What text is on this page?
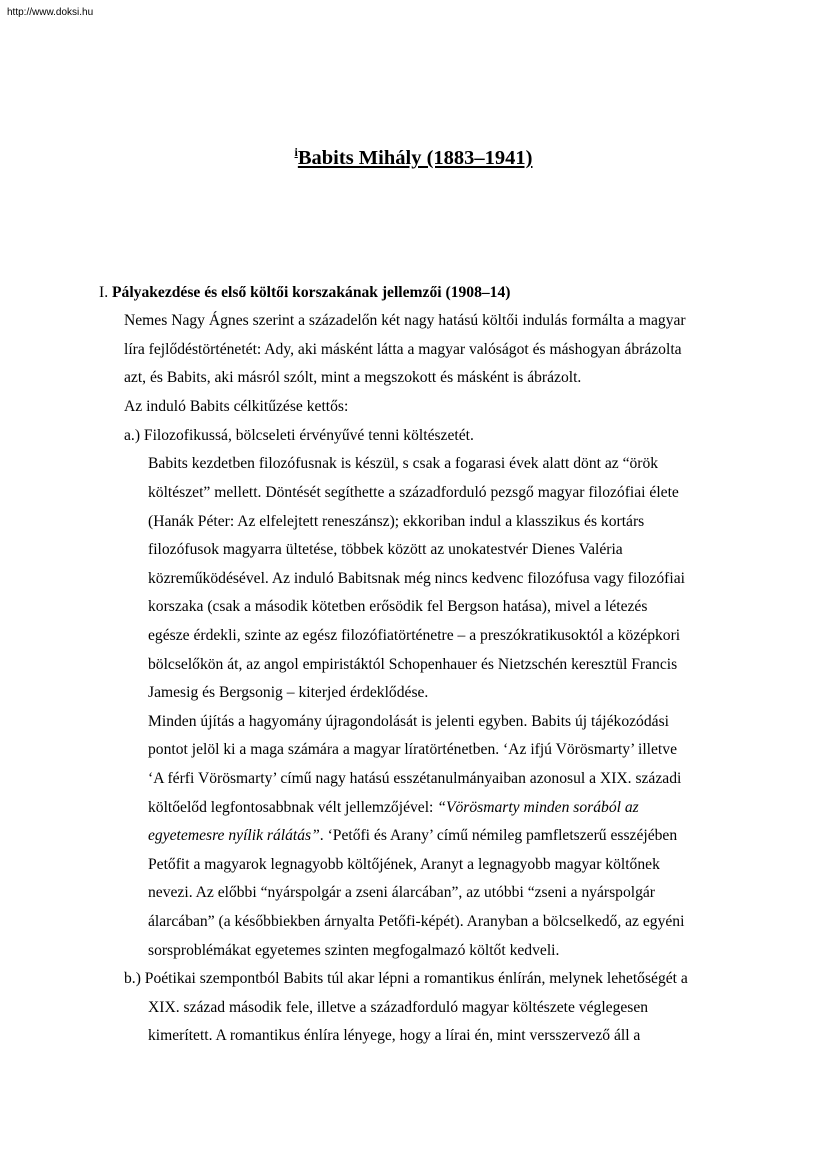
http://www.doksi.hu
$^i$Babits Mihály (1883–1941)
I. Pályakezdése és első költői korszakának jellemzői (1908–14)
Nemes Nagy Ágnes szerint a századelőn két nagy hatású költői indulás formálta a magyar
líra fejlődéstörténetét: Ady, aki másként látta a magyar valóságot és máshogyan ábrázolta
azt, és Babits, aki másról szólt, mint a megszokott és másként is ábrázolt.
Az induló Babits célkitűzése kettős:
a.) Filozofikussá, bölcseleti érvényűvé tenni költészetét.
Babits kezdetben filozófusnak is készül, s csak a fogarasi évek alatt dönt az “örök
költészet” mellett. Döntését segíthette a századforduló pezsgő magyar filozófiai élete
(Hanák Péter: Az elfelejtett reneszánsz); ekkoriban indul a klasszikus és kortárs
filozófusok magyarra ültetése, többek között az unokatestvér Dienes Valéria
közreműködésével. Az induló Babitsnak még nincs kedvenc filozófusa vagy filozófiai
korszaka (csak a második kötetben erősödik fel Bergson hatása), mivel a létezés
egésze érdekli, szinte az egész filozófiatörténetre – a preszókratikusoktól a középkori
bölcselőkön át, az angol empiristáktól Schopenhauer és Nietzschén keresztül Francis
Jamesig és Bergsonig – kiterjed érdeklődése.
Minden újítás a hagyomány újragondolását is jelenti egyben. Babits új tájékozódási
pontot jelöl ki a maga számára a magyar líratörténetben. ‘Az ifjú Vörösmarty’ illetve
‘A férfi Vörösmarty’ című nagy hatású esszétanulmányaiban azonosul a XIX. századi
költőelőd legfontosabbnak vélt jellemzőjével: “Vörösmarty minden sorából az
egyetemesre nyílik rálátás”. ‘Petőfi és Arany’ című némileg pamfletszerű esszéjében
Petőfit a magyarok legnagyobb költőjének, Aranyt a legnagyobb magyar költőnek
nevezi. Az előbbi “nyárspolgár a zseni álarcában”, az utóbbi “zseni a nyárspolgár
álarcában” (a későbbiekben árnyalta Petőfi-képét). Aranyban a bölcselkedő, az egyéni
sorsproblémákat egyetemes szinten megfogalmazó költőt kedveli.
b.) Poétikai szempontból Babits túl akar lépni a romantikus énlírán, melynek lehetőségét a
XIX. század második fele, illetve a századforduló magyar költészete véglegesen
kimerített. A romantikus énlíra lényege, hogy a lírai én, mint versszervező áll a
